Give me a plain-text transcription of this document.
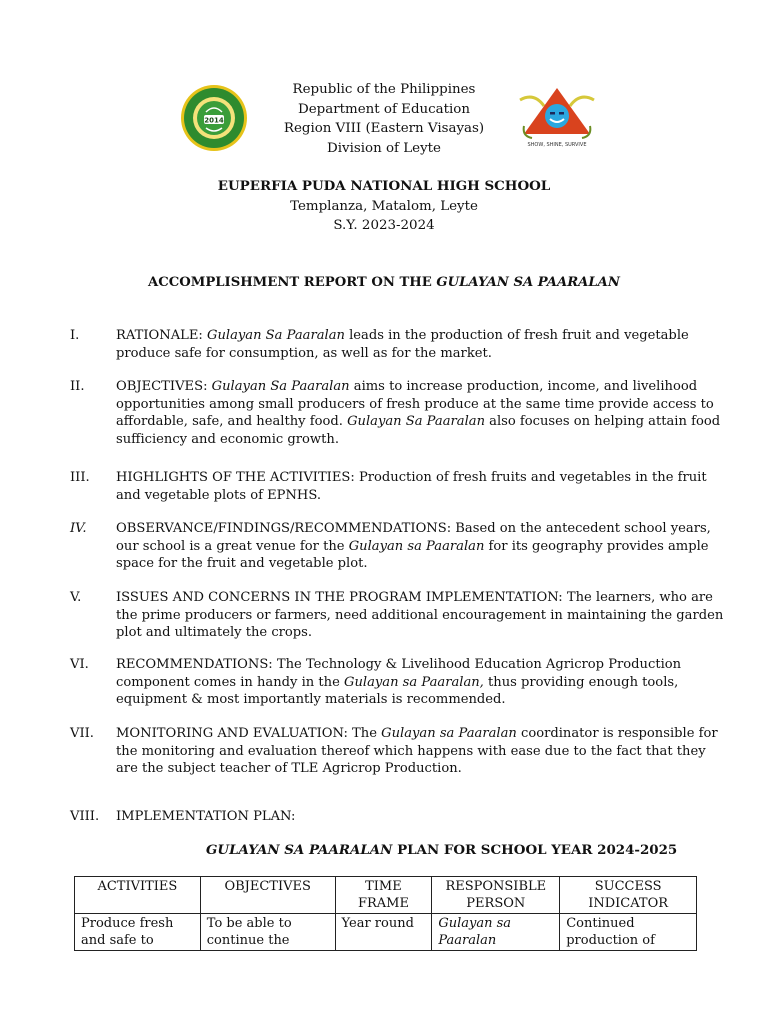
2014
SHOW, SHINE, SURVIVE
Republic of the Philippines
Department of Education
Region VIII (Eastern Visayas)
Division of Leyte
EUPERFIA PUDA NATIONAL HIGH SCHOOL
Templanza, Matalom, Leyte
S.Y. 2023-2024
ACCOMPLISHMENT REPORT ON THE GULAYAN SA PAARALAN
I.	RATIONALE: Gulayan Sa Paaralan leads in the production of fresh fruit and vegetable produce safe for consumption, as well as for the market.
II.	OBJECTIVES: Gulayan Sa Paaralan aims to increase production, income, and livelihood opportunities among small producers of fresh produce at the same time provide access to affordable, safe, and healthy food. Gulayan Sa Paaralan also focuses on helping attain food sufficiency and economic growth.
III.	HIGHLIGHTS OF THE ACTIVITIES: Production of fresh fruits and vegetables in the fruit and vegetable plots of EPNHS.
IV.	OBSERVANCE/FINDINGS/RECOMMENDATIONS: Based on the antecedent school years, our school is a great venue for the Gulayan sa Paaralan for its geography provides ample space for the fruit and vegetable plot.
V.	ISSUES AND CONCERNS IN THE PROGRAM IMPLEMENTATION: The learners, who are the prime producers or farmers, need additional encouragement in maintaining the garden plot and ultimately the crops.
VI.	RECOMMENDATIONS: The Technology & Livelihood Education Agricrop Production component comes in handy in the Gulayan sa Paaralan, thus providing enough tools, equipment & most importantly materials is recommended.
VII.	MONITORING AND EVALUATION: The Gulayan sa Paaralan coordinator is responsible for the monitoring and evaluation thereof which happens with ease due to the fact that they are the subject teacher of TLE Agricrop Production.
VIII.	IMPLEMENTATION PLAN:
GULAYAN SA PAARALAN PLAN FOR SCHOOL YEAR 2024-2025
ACTIVITIES	OBJECTIVES	TIME FRAME	RESPONSIBLE PERSON	SUCCESS INDICATOR
Produce fresh and safe to	To be able to continue the	Year round	Gulayan sa Paaralan	Continued production of
